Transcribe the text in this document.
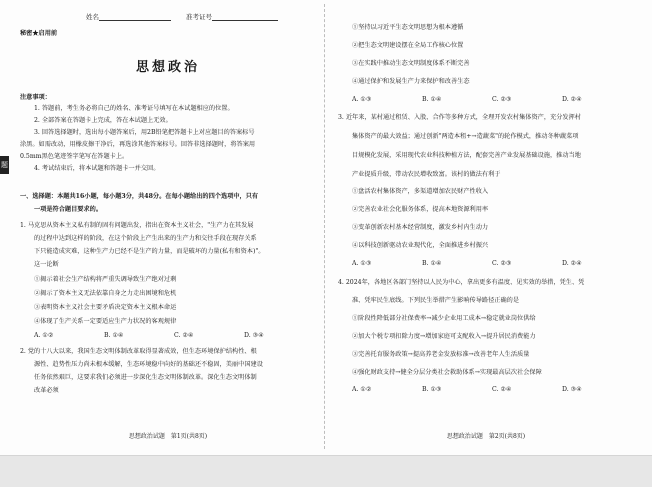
题
姓名	准考证号
秘密★启用前
思想政治
注意事项：
1. 答题前，考生务必将自己的姓名、准考证号填写在本试题相应的位置。
2. 全部答案在答题卡上完成，答在本试题上无效。
3. 回答选择题时，选出每小题答案后，用2B铅笔把答题卡上对应题目的答案标号
涂黑。如需改动，用橡皮擦干净后，再选涂其他答案标号。回答非选择题时，将答案用
0.5mm黑色笔迹签字笔写在答题卡上。
4. 考试结束后，将本试题和答题卡一并交回。
一、选择题：本题共16小题，每小题3分，共48分。在每小题给出的四个选项中，只有
一项是符合题目要求的。
1. 马克思从资本主义私有制的固有问题出发，指出在资本主义社会，"生产力在其发展
的过程中达到这样的阶段，在这个阶段上产生出来的生产力和交往手段在现存关系
下只能造成灾难，这种生产力已经不是生产的力量，而是破坏的力量(私有和资本)"。
这一论断
①揭示着社会生产结构将严重失调导致生产绝对过剩
②揭示了资本主义无法依靠自身之力走出困境和危机
③表明资本主义社会主要矛盾决定资本主义根本命运
④体现了生产关系一定要适应生产力状况的客观规律
A. ①②	B. ①④	C. ②④	D. ③④
2. 党的十八大以来，我国生态文明体制改革取得显著成效，但生态环境保护结构性、根
源性、趋势性压力尚未根本缓解，生态环境稳中向好的基础还不稳固，美丽中国建设
任务依然艰巨，这要求我们必须进一步深化生态文明体制改革。深化生态文明体制
改革必须
思想政治试题　第1页(共8页)
①坚持以习近平生态文明思想为根本遵循
②把生态文明建设摆在全局工作核心位置
③在实践中推动生态文明制度体系不断完善
④通过保护和发展生产力来保护和改善生态
A. ①③	B. ①④	C. ②③	D. ②④
3. 近年来，某村通过租赁、入股、合作等多种方式，全理开发农村集体资产，充分发挥村
集体资产的最大效益；通过创新"两造本租+→造蔬菜"的轮作模式，推动冬种蔬菜项
目规模化发展，采用现代农业科技种植方法，配套完善产业发展基础设施，推动当地
产业提质升级，带动农民增收致富。该村的做法有利于
①盘活农村集体资产，多渠道增加农民财产性收入
②完善农业社会化服务体系，提高本地资源利用率
③变革创新农村基本经营制度，激发乡村内生动力
④以科技创新驱动农业现代化，全面推进乡村振兴
A. ①③	B. ①④	C. ②③	D. ②④
4. 2024年，各地区各部门坚持以人民为中心，拿出更多有温度、见实效的举措，凭生、凭
准、凭牢民生底线。下列民生举措产生影响传导路径正确的是
①阶段性降低部分社保费率→减少企业用工成本→稳定就业岗位供给
②加大个税专项扣除力度→增加家庭可支配收入→提升居民消费能力
③完善托育服务政策→提高养老金发放标准→改善老年人生活质量
④强化财政支持→健全分层分类社会救助体系→实现最高层次社会保障
A. ①②	B. ①③	C. ②④	D. ③④
思想政治试题　第2页(共8页)
